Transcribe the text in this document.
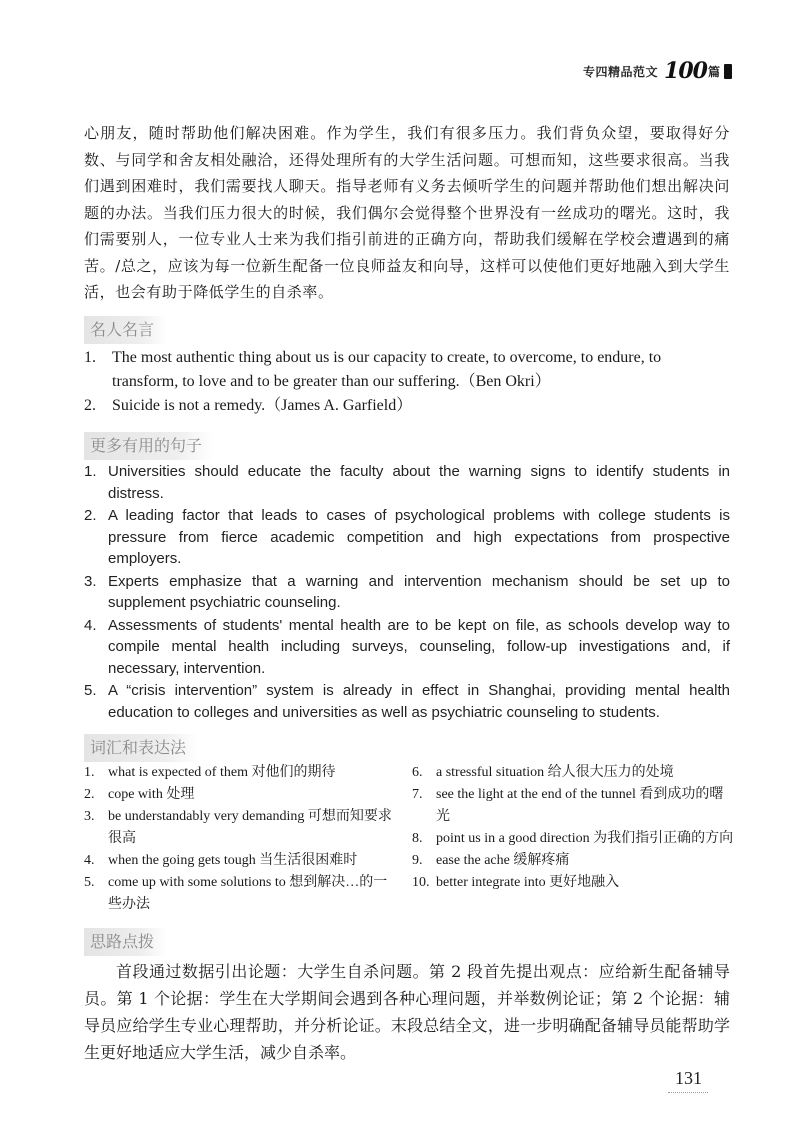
专四精品范文 100 篇
心朋友，随时帮助他们解决困难。作为学生，我们有很多压力。我们背负众望，要取得好分数、与同学和舍友相处融洽，还得处理所有的大学生活问题。可想而知，这些要求很高。当我们遇到困难时，我们需要找人聊天。指导老师有义务去倾听学生的问题并帮助他们想出解决问题的办法。当我们压力很大的时候，我们偶尔会觉得整个世界没有一丝成功的曙光。这时，我们需要别人，一位专业人士来为我们指引前进的正确方向，帮助我们缓解在学校会遭遇到的痛苦。/总之，应该为每一位新生配备一位良师益友和向导，这样可以使他们更好地融入到大学生活，也会有助于降低学生的自杀率。
名人名言
1. The most authentic thing about us is our capacity to create, to overcome, to endure, to transform, to love and to be greater than our suffering.（Ben Okri）
2. Suicide is not a remedy.（James A. Garfield）
更多有用的句子
1. Universities should educate the faculty about the warning signs to identify students in distress.
2. A leading factor that leads to cases of psychological problems with college students is pressure from fierce academic competition and high expectations from prospective employers.
3. Experts emphasize that a warning and intervention mechanism should be set up to supplement psychiatric counseling.
4. Assessments of students' mental health are to be kept on file, as schools develop way to compile mental health including surveys, counseling, follow-up investigations and, if necessary, intervention.
5. A “crisis intervention” system is already in effect in Shanghai, providing mental health education to colleges and universities as well as psychiatric counseling to students.
词汇和表达法
1. what is expected of them 对他们的期待
2. cope with 处理
3. be understandably very demanding 可想而知要求很高
4. when the going gets tough 当生活很困难时
5. come up with some solutions to 想到解决…的一些办法
6. a stressful situation 给人很大压力的处境
7. see the light at the end of the tunnel 看到成功的曙光
8. point us in a good direction 为我们指引正确的方向
9. ease the ache 缓解疼痛
10. better integrate into 更好地融入
思路点拨

首段通过数据引出论题：大学生自杀问题。第 2 段首先提出观点：应给新生配备辅导员。第 1 个论据：学生在大学期间会遇到各种心理问题，并举数例论证；第 2 个论据：辅导员应给学生专业心理帮助，并分析论证。末段总结全文，进一步明确配备辅导员能帮助学生更好地适应大学生活，减少自杀率。

131
